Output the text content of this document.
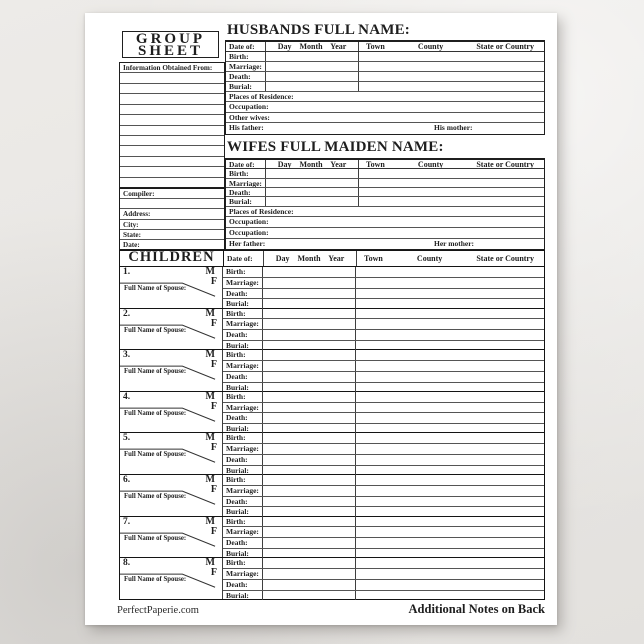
GROUP
SHEET
Information Obtained From:
Compiler:
Address:
City:
State:
Date:
HUSBANDS FULL NAME:
Date of:	Day Month Year	Town	County	State or Country
Birth:
Marriage:
Death:
Burial:
Places of Residence:
Occupation:
Other wives:
His father:	His mother:
WIFES FULL MAIDEN NAME:
Date of:	Day Month Year	Town	County	State or Country
Birth:
Marriage:
Death:
Burial:
Places of Residence:
Occupation:
Occupation:
Her father:	Her mother:
CHILDREN	Date of:	Day Month Year	Town	County	State or Country
1.	M
F
Full Name of Spouse:
Birth:
Marriage:
Death:
Burial:
2.	M
F
Full Name of Spouse:
Birth:
Marriage:
Death:
Burial:
3.	M
F
Full Name of Spouse:
Birth:
Marriage:
Death:
Burial:
4.	M
F
Full Name of Spouse:
Birth:
Marriage:
Death:
Burial:
5.	M
F
Full Name of Spouse:
Birth:
Marriage:
Death:
Burial:
6.	M
F
Full Name of Spouse:
Birth:
Marriage:
Death:
Burial:
7.	M
F
Full Name of Spouse:
Birth:
Marriage:
Death:
Burial:
8.	M
F
Full Name of Spouse:
Birth:
Marriage:
Death:
Burial:
PerfectPaperie.com	Additional Notes on Back
